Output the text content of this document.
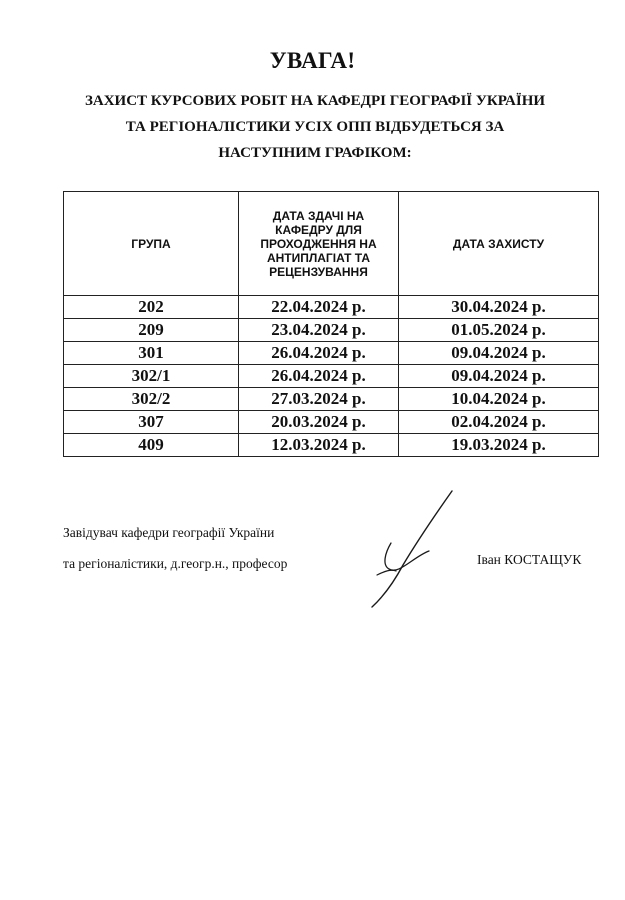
УВАГА!
ЗАХИСТ КУРСОВИХ РОБІТ НА КАФЕДРІ ГЕОГРАФІЇ УКРАЇНИ ТА РЕГІОНАЛІСТИКИ УСІХ ОПП ВІДБУДЕТЬСЯ ЗА НАСТУПНИМ ГРАФІКОМ:
ГРУПА	ДАТА ЗДАЧІ НА КАФЕДРУ ДЛЯ ПРОХОДЖЕННЯ НА АНТИПЛАГІАТ ТА РЕЦЕНЗУВАННЯ	ДАТА ЗАХИСТУ
202	22.04.2024 р.	30.04.2024 р.
209	23.04.2024 р.	01.05.2024 р.
301	26.04.2024 р.	09.04.2024 р.
302/1	26.04.2024 р.	09.04.2024 р.
302/2	27.03.2024 р.	10.04.2024 р.
307	20.03.2024 р.	02.04.2024 р.
409	12.03.2024 р.	19.03.2024 р.
Завідувач кафедри географії України
та регіоналістики, д.геогр.н., професор	Іван КОСТАЩУК
